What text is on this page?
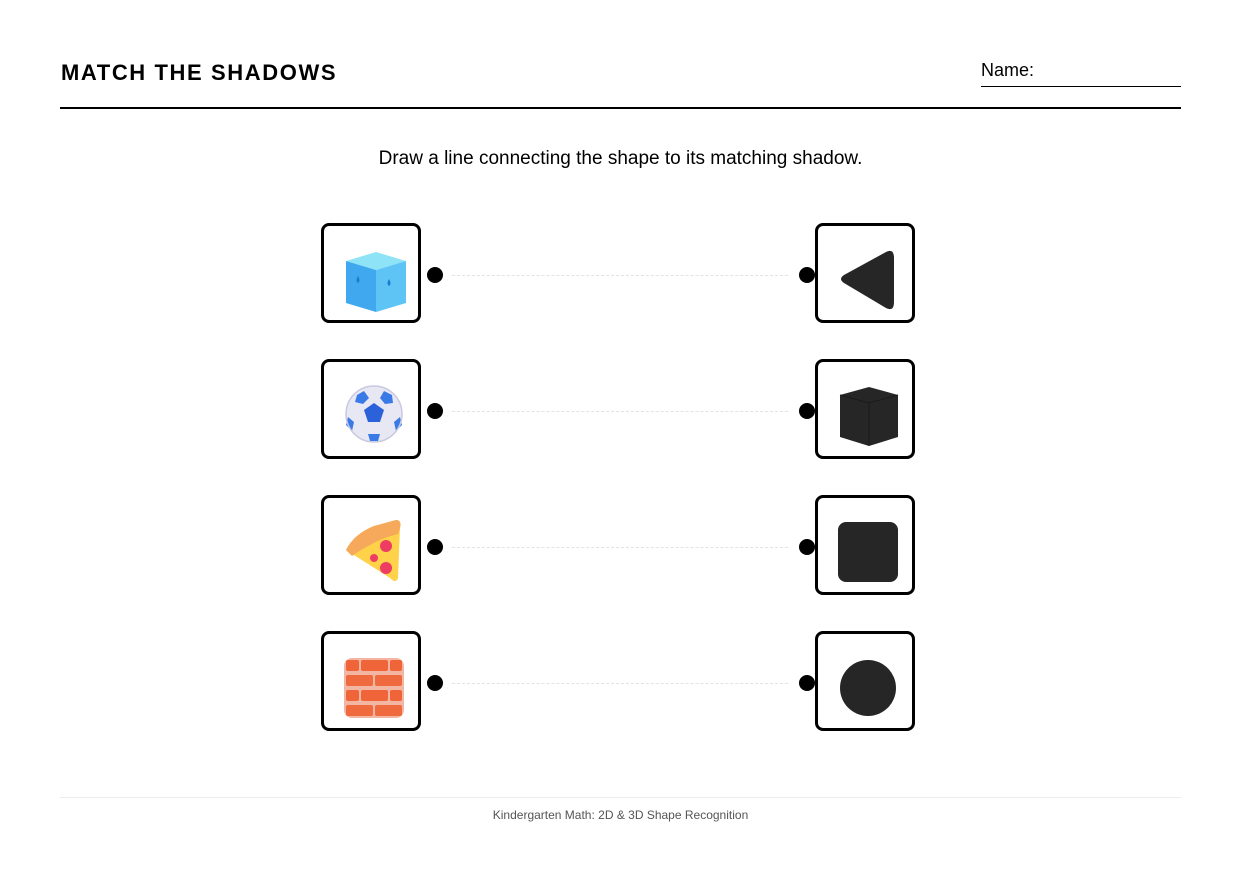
MATCH THE SHADOWS	Name:
Draw a line connecting the shape to its matching shadow.
Kindergarten Math: 2D & 3D Shape Recognition
